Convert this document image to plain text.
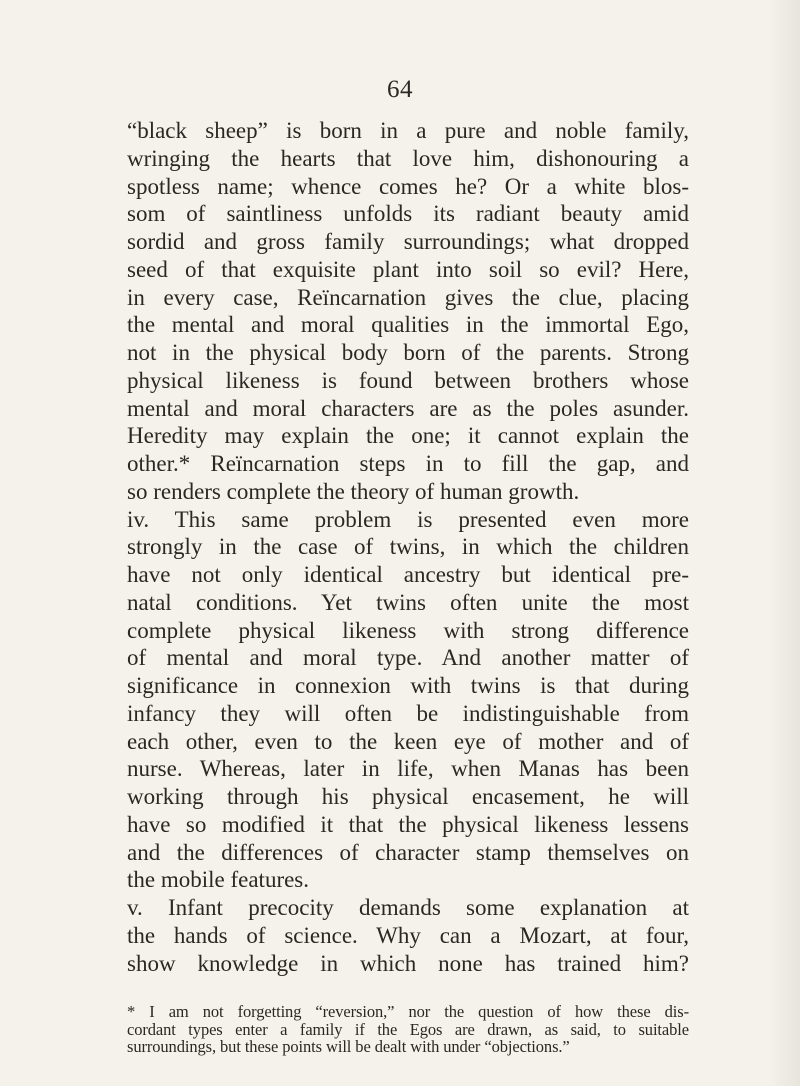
64
“black sheep” is born in a pure and noble family,
wringing the hearts that love him, dishonouring a
spotless name; whence comes he? Or a white blos-
som of saintliness unfolds its radiant beauty amid
sordid and gross family surroundings; what dropped
seed of that exquisite plant into soil so evil? Here,
in every case, Reïncarnation gives the clue, placing
the mental and moral qualities in the immortal Ego,
not in the physical body born of the parents. Strong
physical likeness is found between brothers whose
mental and moral characters are as the poles asunder.
Heredity may explain the one; it cannot explain the
other.* Reïncarnation steps in to fill the gap, and
so renders complete the theory of human growth.
iv. This same problem is presented even more
strongly in the case of twins, in which the children
have not only identical ancestry but identical pre-
natal conditions. Yet twins often unite the most
complete physical likeness with strong difference
of mental and moral type. And another matter of
significance in connexion with twins is that during
infancy they will often be indistinguishable from
each other, even to the keen eye of mother and of
nurse. Whereas, later in life, when Manas has been
working through his physical encasement, he will
have so modified it that the physical likeness lessens
and the differences of character stamp themselves on
the mobile features.
v. Infant precocity demands some explanation at
the hands of science. Why can a Mozart, at four,
show knowledge in which none has trained him?
* I am not forgetting “reversion,” nor the question of how these dis-
cordant types enter a family if the Egos are drawn, as said, to suitable
surroundings, but these points will be dealt with under “objections.”
